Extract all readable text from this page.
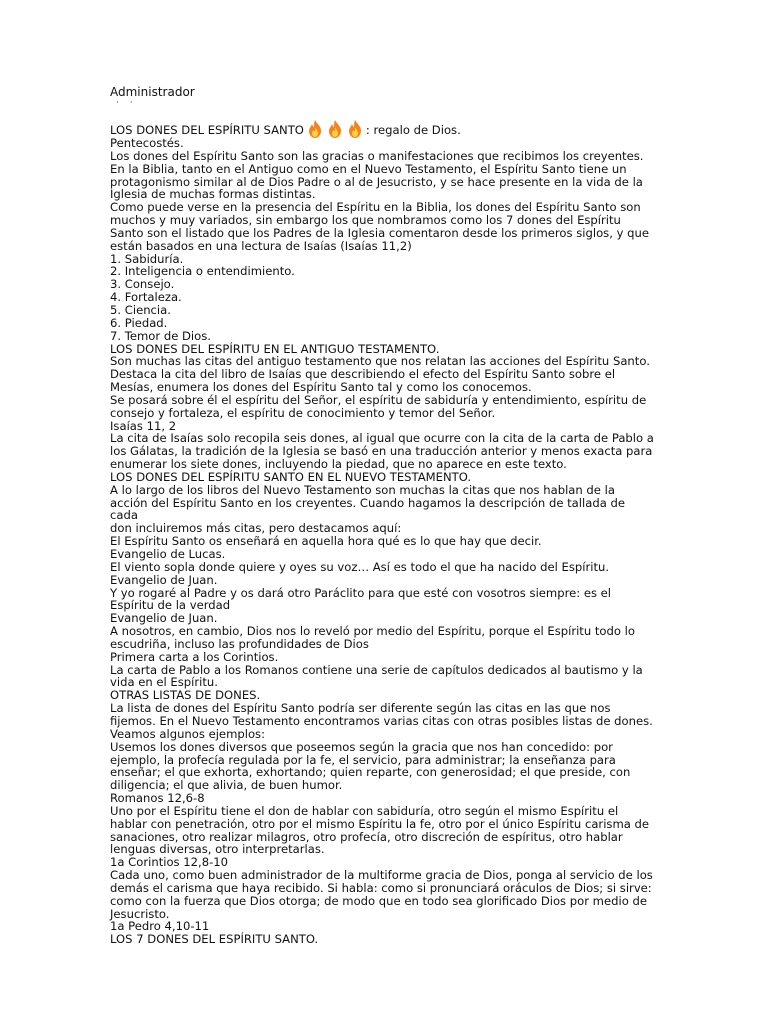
Administrador
· ·
LOS DONES DEL ESPÍRITU SANTO	: regalo de Dios.

Pentecostés.

Los dones del Espíritu Santo son las gracias o manifestaciones que recibimos los creyentes.

En la Biblia, tanto en el Antiguo como en el Nuevo Testamento, el Espíritu Santo tiene un

protagonismo similar al de Dios Padre o al de Jesucristo, y se hace presente en la vida de la

Iglesia de muchas formas distintas.

Como puede verse en la presencia del Espíritu en la Biblia, los dones del Espíritu Santo son

muchos y muy variados, sin embargo los que nombramos como los 7 dones del Espíritu

Santo son el listado que los Padres de la Iglesia comentaron desde los primeros siglos, y que

están basados en una lectura de Isaías (Isaías 11,2)

1. Sabiduría.

2. Inteligencia o entendimiento.

3. Consejo.

4. Fortaleza.

5. Ciencia.

6. Piedad.

7. Temor de Dios.

LOS DONES DEL ESPÍRITU EN EL ANTIGUO TESTAMENTO.

Son muchas las citas del antiguo testamento que nos relatan las acciones del Espíritu Santo.

Destaca la cita del libro de Isaías que describiendo el efecto del Espíritu Santo sobre el

Mesías, enumera los dones del Espíritu Santo tal y como los conocemos.

Se posará sobre él el espíritu del Señor, el espíritu de sabiduría y entendimiento, espíritu de

consejo y fortaleza, el espíritu de conocimiento y temor del Señor.

Isaías 11, 2

La cita de Isaías solo recopila seis dones, al igual que ocurre con la cita de la carta de Pablo a

los Gálatas, la tradición de la Iglesia se basó en una traducción anterior y menos exacta para

enumerar los siete dones, incluyendo la piedad, que no aparece en este texto.

LOS DONES DEL ESPÍRITU SANTO EN EL NUEVO TESTAMENTO.

A lo largo de los libros del Nuevo Testamento son muchas la citas que nos hablan de la

acción del Espíritu Santo en los creyentes. Cuando hagamos la descripción de tallada de cada

don incluiremos más citas, pero destacamos aquí:

El Espíritu Santo os enseñará en aquella hora qué es lo que hay que decir.

Evangelio de Lucas.

El viento sopla donde quiere y oyes su voz… Así es todo el que ha nacido del Espíritu.

Evangelio de Juan.

Y yo rogaré al Padre y os dará otro Paráclito para que esté con vosotros siempre: es el

Espíritu de la verdad

Evangelio de Juan.

A nosotros, en cambio, Dios nos lo reveló por medio del Espíritu, porque el Espíritu todo lo

escudriña, incluso las profundidades de Dios

Primera carta a los Corintios.

La carta de Pablo a los Romanos contiene una serie de capítulos dedicados al bautismo y la

vida en el Espíritu.

OTRAS LISTAS DE DONES.

La lista de dones del Espíritu Santo podría ser diferente según las citas en las que nos

fijemos. En el Nuevo Testamento encontramos varias citas con otras posibles listas de dones.

Veamos algunos ejemplos:

Usemos los dones diversos que poseemos según la gracia que nos han concedido: por

ejemplo, la profecía regulada por la fe, el servicio, para administrar; la enseñanza para

enseñar; el que exhorta, exhortando; quien reparte, con generosidad; el que preside, con

diligencia; el que alivia, de buen humor.

Romanos 12,6-8

Uno por el Espíritu tiene el don de hablar con sabiduría, otro según el mismo Espíritu el

hablar con penetración, otro por el mismo Espíritu la fe, otro por el único Espíritu carisma de

sanaciones, otro realizar milagros, otro profecía, otro discreción de espíritus, otro hablar

lenguas diversas, otro interpretarlas.

1a Corintios 12,8-10

Cada uno, como buen administrador de la multiforme gracia de Dios, ponga al servicio de los

demás el carisma que haya recibido. Si habla: como si pronunciará oráculos de Dios; si sirve:

como con la fuerza que Dios otorga; de modo que en todo sea glorificado Dios por medio de

Jesucristo.

1a Pedro 4,10-11

LOS 7 DONES DEL ESPÍRITU SANTO.
